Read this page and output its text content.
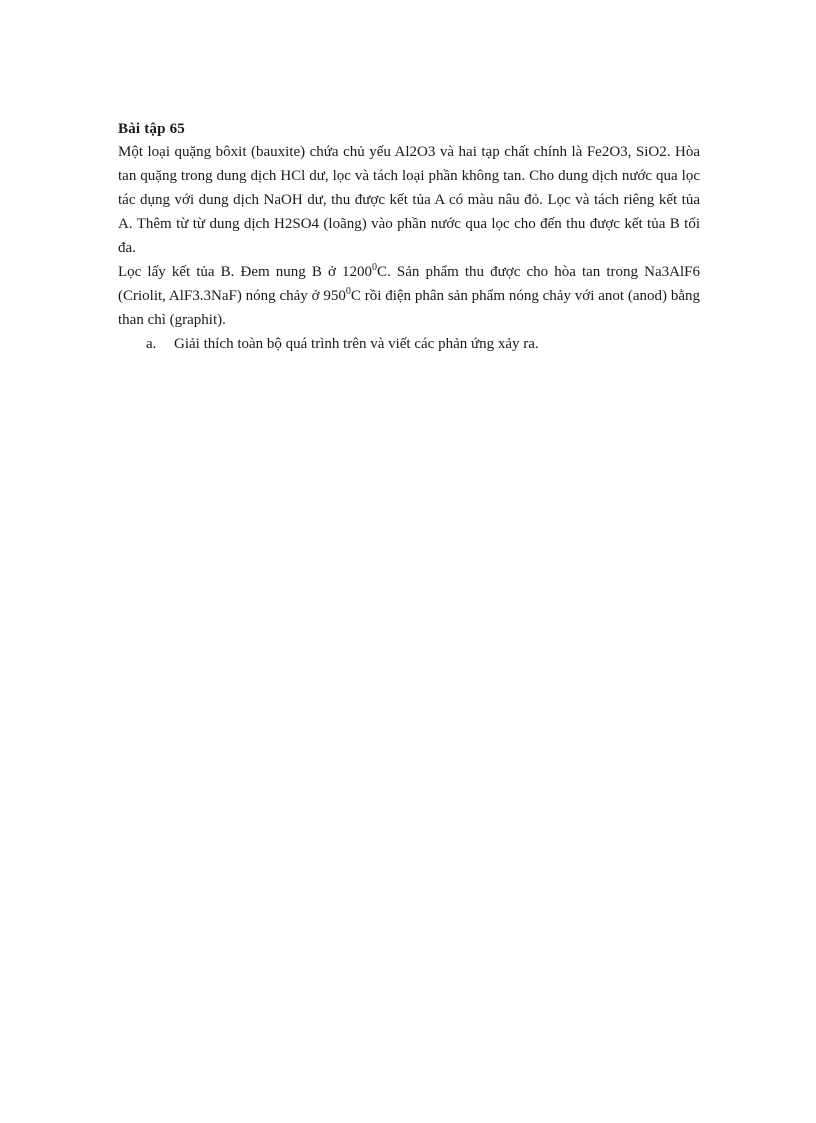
Bài tập 65

Một loại quặng bôxit (bauxite) chứa chủ yếu Al2O3 và hai tạp chất chính là Fe2O3, SiO2. Hòa tan quặng trong dung dịch HCl dư, lọc và tách loại phần không tan. Cho dung dịch nước qua lọc tác dụng với dung dịch NaOH dư, thu được kết tủa A có màu nâu đỏ. Lọc và tách riêng kết tủa A. Thêm từ từ dung dịch H2SO4 (loãng) vào phần nước qua lọc cho đến thu được kết tủa B tối đa.

Lọc lấy kết tủa B. Đem nung B ở 1200$^0$C. Sản phẩm thu được cho hòa tan trong Na3AlF6 (Criolit, AlF3.3NaF) nóng chảy ở $950^0C$ rồi điện phân sản phẩm nóng chảy với anot (anod) bằng than chì (graphit).

a.	Giải thích toàn bộ quá trình trên và viết các phản ứng xảy ra.
